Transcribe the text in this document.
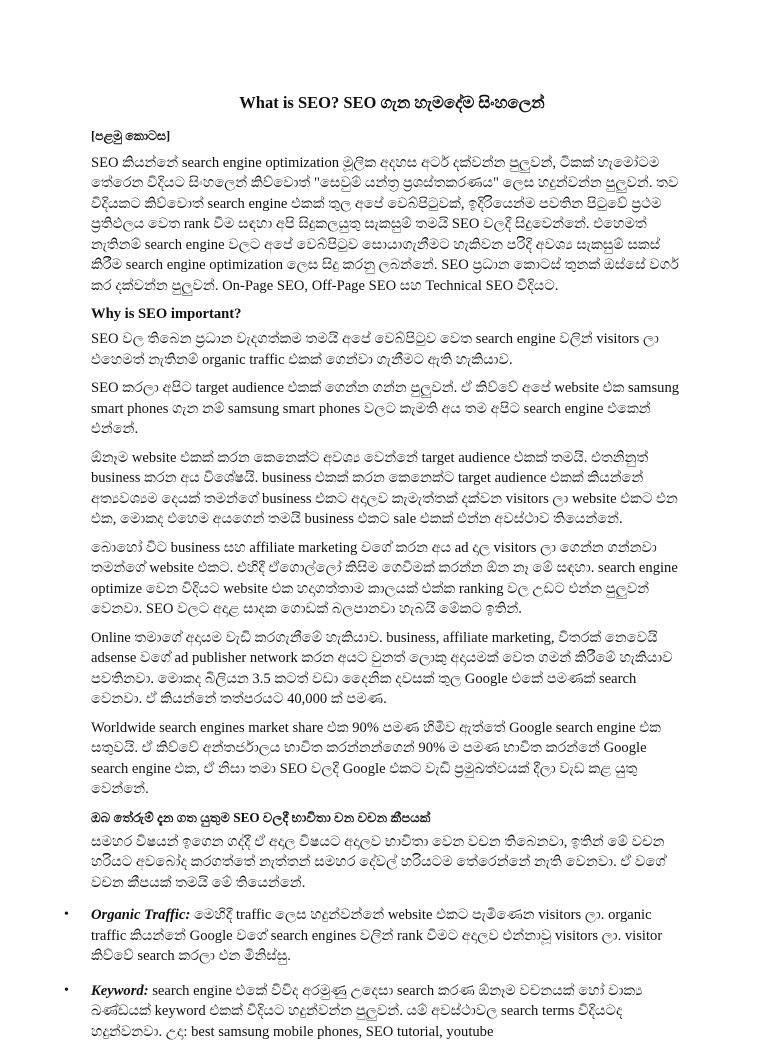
What is SEO? SEO ගැන හැමදේම සිංහලෙන්
[පළමු කොටස]

SEO කියන්නේ search engine optimization මූලික අදහස අටර් දක්වන්න පුලුවන්, ටිකක් හැමෝටම තේරෙන විදියට සිංහලෙන් කිව්වොත් "සෙවුම් යන්ත්‍ර ප්‍රශස්තකරණය" ලෙස හදුන්වන්න පුලුවන්. තව විදියකට කිව්වොත් search engine එකක් තුල අපේ වෙබ්පිටුවක්, ඉදිරියෙන්ම පවතින පිටුවේ ප්‍රථම ප්‍රතිඵලය වෙත rank වීම සඳහා අපි සිදුකලයුතු සැකසුම් තමයි SEO වලදී සිදුවෙන්නේ. එහෙමත් නැතිනම් search engine වලට අපේ වෙබ්පිටුව සොයාගැනීමට හැකිවන පරිදි අවශ්‍ය සැකසුම් සකස් කිරීම search engine optimization ලෙස සිදු කරනු ලබන්නේ. SEO ප්‍රධාන කොටස් තුනක් ඔස්සේ වගර් කර දක්වන්න පුලුවන්. On-Page SEO, Off-Page SEO සහ Technical SEO විදියට.

Why is SEO important?

SEO වල තිබෙන ප්‍රධාන වැදගත්කම තමයි අපේ වෙබ්පිටුව වෙත search engine වලින් visitors ලා එහෙමත් නැතිනම් organic traffic එකක් ගෙන්වා ගැනීමට ඇති හැකියාව.

SEO කරලා අපිට target audience එකක් ගෙන්න ගන්න පුලුවන්. ඒ කිව්වේ අපේ website එක samsung smart phones ගැන නම් samsung smart phones වලට කැමති අය තම අපිට search engine එකෙන් එන්නේ.

ඕනෑම website එකක් කරන කෙනෙක්ට අවශ්‍ය වෙන්නේ target audience එකක් තමයි. එතනිනුත් business කරන අය විශේෂයි. business එකක් කරන කෙනෙක්ට target audience එකක් කියන්නේ අත්‍යවශ්‍යම දෙයක් තමන්ගේ business එකට අදාලව කැමැත්තක් දක්වන visitors ලා website එකට එන එක, මොකද එහෙම අයගෙන් තමයි business එකට sale එකක් එන්න අවස්ථාව තියෙන්නේ.

බොහෝ විට business සහ affiliate marketing වගේ කරන අය ad දාල visitors ලා ගෙන්න ගන්නවා තමන්ගේ website එකට. එහිදී ඒගොල්ලෝ කිසිම ගෙවීමක් කරන්න ඕන නෑ මේ සඳහා. search engine optimize වෙන විදියට website එක හදාගත්තාම කාලයක් එක්ක ranking වල උඩට එන්න පුලුවන් වෙනවා. SEO වලට අදාළ සාදක ගොඩක් බලපානවා හැබයි මේකට ඉතින්.

Online තමාගේ අදායම වැඩි කරගැනීමේ හැකියාව. business, affiliate marketing, විතරක් නෙවෙයි adsense වගේ ad publisher network කරන අයට වුනත් ලොකු අදායමක් වෙත ගමන් කිරීමේ හැකියාව පවතිනවා. මොකද බිලියන 3.5 කටත් වඩා දෛනික දවසක් තුල Google එකේ පමණක් search වෙනවා. ඒ කියන්නේ තත්පරයට 40,000 ක් පමණ.

Worldwide search engines market share එක 90% පමණ හිමිව ඇත්තේ Google search engine එක සතුවයි. ඒ කිව්වේ අන්තර්ජාලය භාවිත කරන්නන්ගෙන් 90% ම පමණ භාවිත කරන්නේ Google search engine එක, ඒ නිසා තමා SEO වලදී Google එකට වැඩි ප්‍රමුඛත්වයක් දීලා වැඩ කළ යුතු වෙන්නේ.

ඔබ තේරුම් දැන ගත යුතුම SEO වලදී භාවිතා වන වචන කීපයක්

සමහර විෂයන් ඉගෙන ගද්දී ඒ අදාල විෂයට අදාලව භාවිතා වෙන වචන තිබෙනවා, ඉතින් මේ වචන හරියට අවබෝද කරගත්තේ නැත්තන් සමහර දේවල් හරියටම තේරෙන්නේ නැති වෙනවා. ඒ වගේ වචන කීපයක් තමයි මේ තියෙන්නේ.

• Organic Traffic: මෙහිදී traffic ලෙස හදුන්වන්නේ website එකට පැමිණෙන visitors ලා. organic traffic කියන්නේ Google වගේ search engines වලින් rank වීමට අදාලව එන්නාවූ visitors ලා. visitor කිව්වේ search කරලා එන මිනිස්සු.
• Keyword: search engine එකේ විවිද අරමුණු උදෙසා search කරණ ඕනෑම වචනයක් හෝ වාක්‍ය ඛණ්ඩයක් keyword එකක් විදියට හදුන්වන්න පුලුවන්. යම් අවස්ථාවල search terms විදියටද හදුන්වනවා. උදා: best samsung mobile phones, SEO tutorial, youtube
